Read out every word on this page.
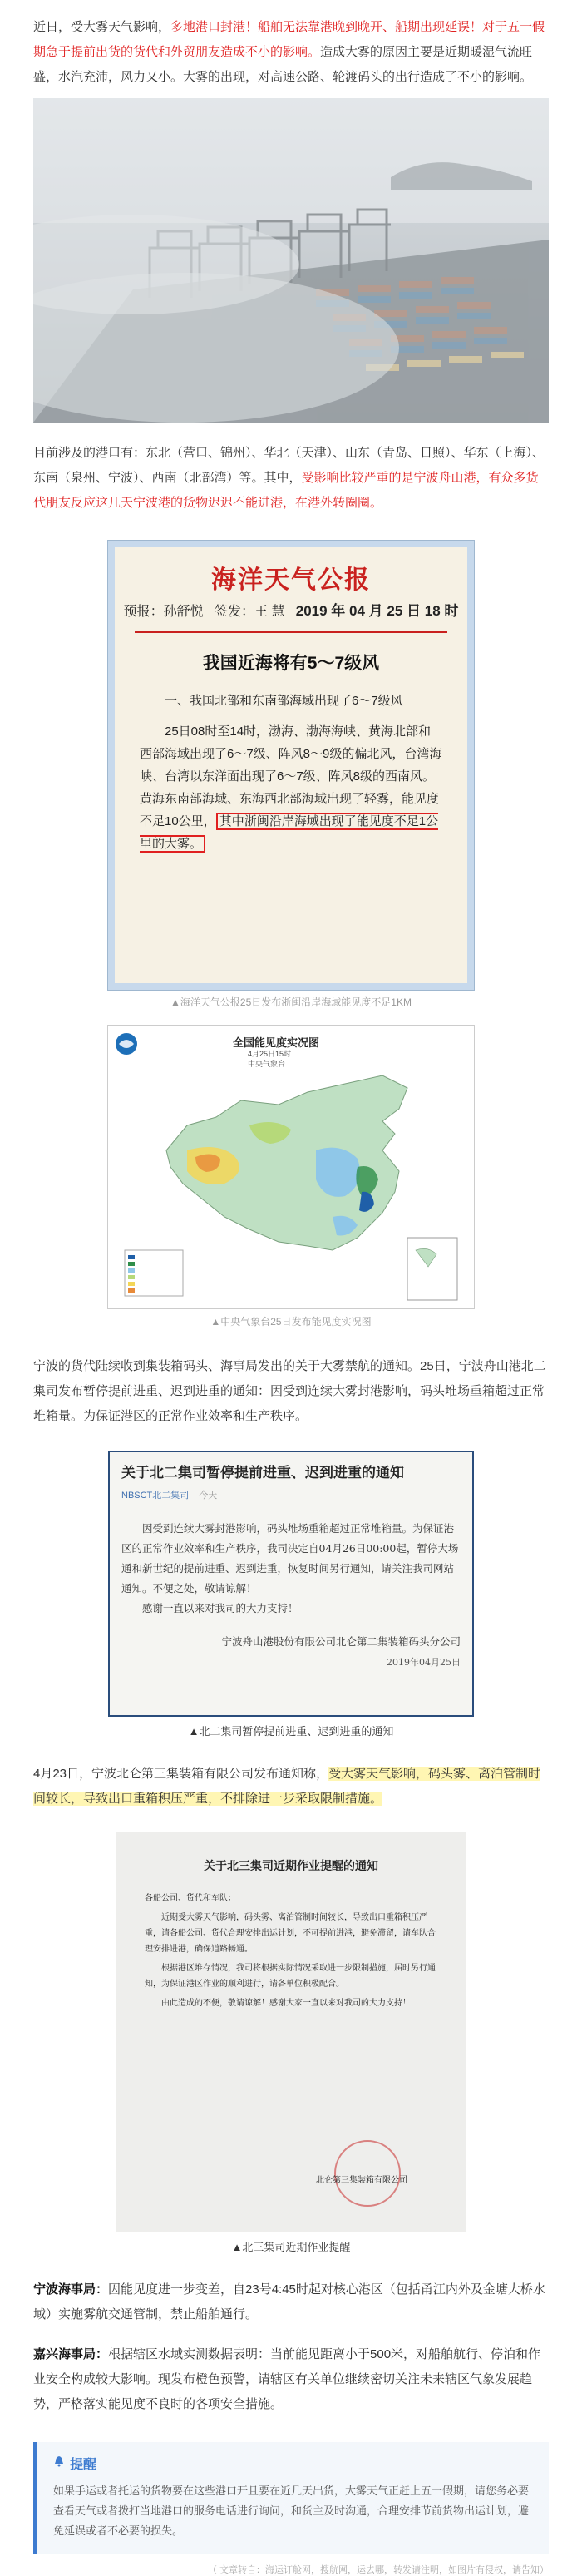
近日，受大雾天气影响，多地港口封港！船舶无法靠港晚到晚开、船期出现延误！对于五一假期急于提前出货的货代和外贸朋友造成不小的影响。造成大雾的原因主要是近期暖湿气流旺盛，水汽充沛，风力又小。大雾的出现，对高速公路、轮渡码头的出行造成了不小的影响。

目前涉及的港口有：东北（营口、锦州）、华北（天津）、山东（青岛、日照）、华东（上海）、东南（泉州、宁波）、西南（北部湾）等。其中，受影响比较严重的是宁波舟山港，有众多货代朋友反应这几天宁波港的货物迟迟不能进港，在港外转圈圈。

海洋天气公报
预报：孙舒悦 签发：王 慧 2019 年 04 月 25 日 18 时
我国近海将有5～7级风

一、我国北部和东南部海域出现了6～7级风

25日08时至14时，渤海、渤海海峡、黄海北部和西部海域出现了6～7级、阵风8～9级的偏北风，台湾海峡、台湾以东洋面出现了6～7级、阵风8级的西南风。黄海东南部海域、东海西北部海域出现了轻雾，能见度不足10公里， 其中浙闽沿岸海域出现了能见度不足1公里的大雾。

▲海洋天气公报25日发布浙闽沿岸海域能见度不足1KM

全国能见度实况图
4月25日15时
中央气象台

▲中央气象台25日发布能见度实况图

宁波的货代陆续收到集装箱码头、海事局发出的关于大雾禁航的通知。25日，宁波舟山港北二集司发布暂停提前进重、迟到进重的通知：因受到连续大雾封港影响，码头堆场重箱超过正常堆箱量。为保证港区的正常作业效率和生产秩序。

关于北二集司暂停提前进重、迟到进重的通知

NBSCT北二集司 今天

因受到连续大雾封港影响，码头堆场重箱超过正常堆箱量。为保证港区的正常作业效率和生产秩序，我司决定自04月26日00:00起，暂停大场通和新世纪的提前进重、迟到进重，恢复时间另行通知，请关注我司网站通知。不便之处，敬请谅解！

感谢一直以来对我司的大力支持！

宁波舟山港股份有限公司北仑第二集装箱码头分公司
2019年04月25日

▲北二集司暂停提前进重、迟到进重的通知

4月23日，宁波北仑第三集装箱有限公司发布通知称，受大雾天气影响，码头雾、离泊管制时间较长，导致出口重箱积压严重，不排除进一步采取限制措施。

关于北三集司近期作业提醒的通知

各船公司、货代和车队：

近期受大雾天气影响，码头雾、离泊管制时间较长，导致出口重箱积压严重，请各船公司、货代合理安排出运计划，不可提前进港，避免滞留，请车队合理安排进港，确保道路畅通。

根据港区堆存情况，我司将根据实际情况采取进一步限制措施，届时另行通知，为保证港区作业的顺利进行，请各单位积极配合。

由此造成的不便，敬请谅解！感谢大家一直以来对我司的大力支持！

北仑第三集装箱有限公司

▲北三集司近期作业提醒

宁波海事局：因能见度进一步变差，自23号4:45时起对核心港区（包括甬江内外及金塘大桥水域）实施雾航交通管制，禁止船舶通行。

嘉兴海事局：根据辖区水域实测数据表明：当前能见距离小于500米，对船舶航行、停泊和作业安全构成较大影响。现发布橙色预警，请辖区有关单位继续密切关注未来辖区气象发展趋势，严格落实能见度不良时的各项安全措施。

提醒
如果手运或者托运的货物要在这些港口开且要在近几天出货，大雾天气正赶上五一假期，请您务必要查看天气或者拨打当地港口的服务电话进行询问，和货主及时沟通，合理安排节前货物出运计划，避免延误或者不必要的损失。
（ 文章转自：海运订舱网，搜航网，运去哪，转发请注明，如图片有侵权，请告知）
